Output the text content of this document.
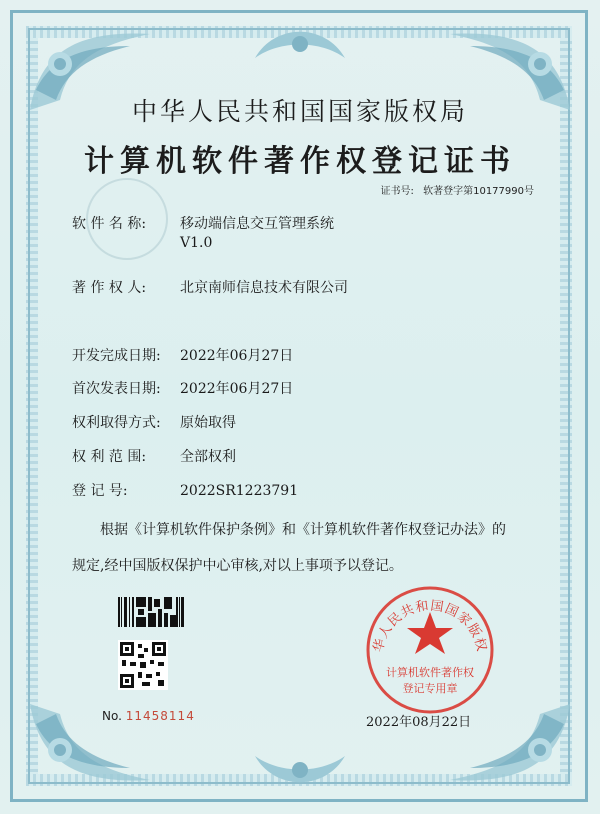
中华人民共和国国家版权局
计算机软件著作权登记证书
证书号: 软著登字第10177990号
软 件 名 称: 移动端信息交互管理系统
V1.0
著 作 权 人: 北京南师信息技术有限公司
开发完成日期: 2022年06月27日
首次发表日期: 2022年06月27日
权利取得方式: 原始取得
权 利 范 围: 全部权利
登 记 号:	2022SR1223791
根据《计算机软件保护条例》和《计算机软件著作权登记办法》的
规定,经中国版权保护中心审核,对以上事项予以登记。
No. 11458114
华人民共和国国家版权
计算机软件著作权
登记专用章
2022年08月22日
